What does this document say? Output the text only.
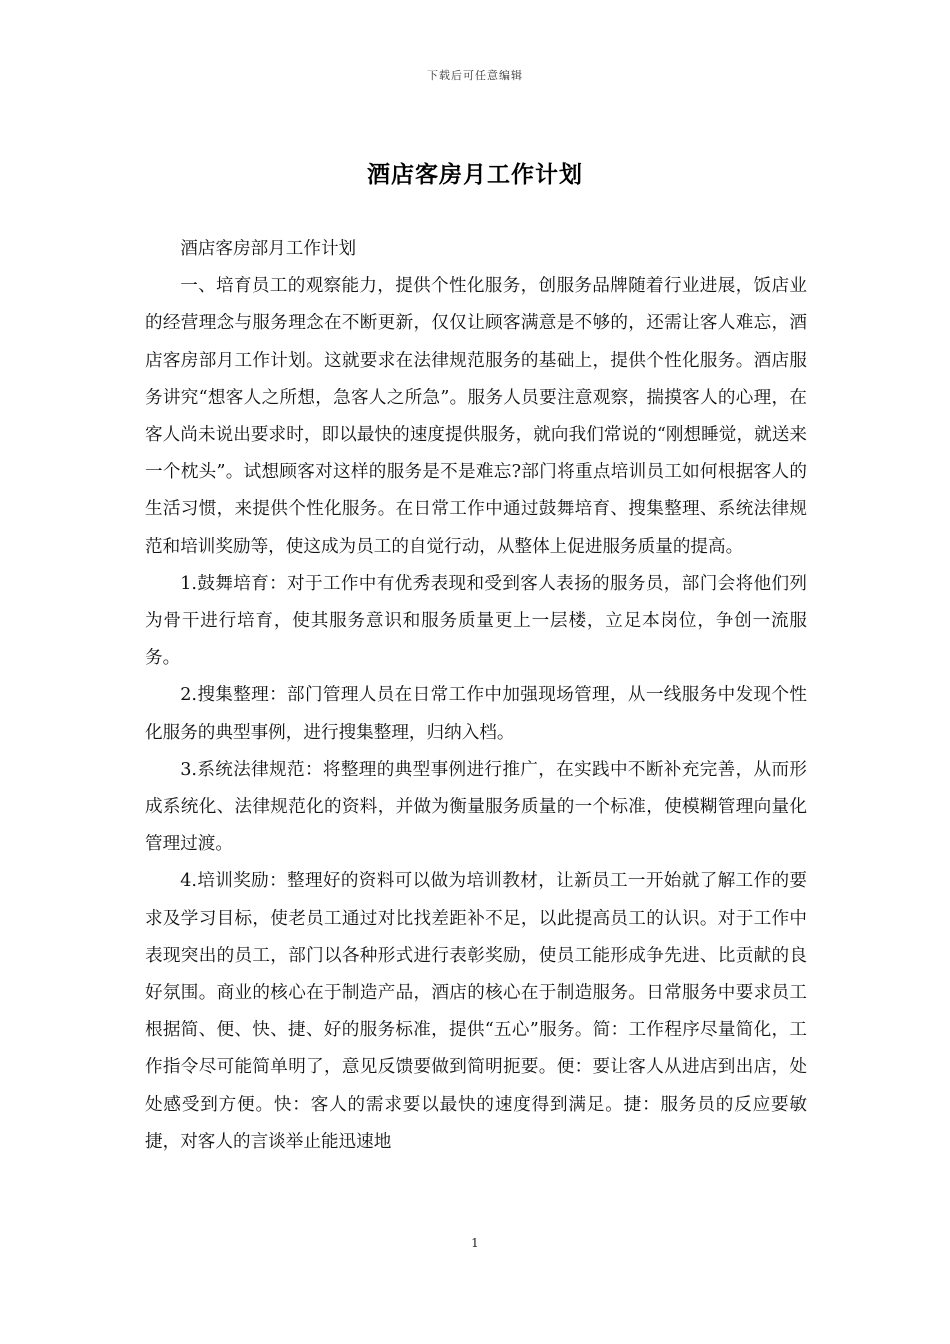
下载后可任意编辑
酒店客房月工作计划

酒店客房部月工作计划

一、培育员工的观察能力，提供个性化服务，创服务品牌随着行业进展，饭店业的经营理念与服务理念在不断更新，仅仅让顾客满意是不够的，还需让客人难忘，酒店客房部月工作计划。这就要求在法律规范服务的基础上，提供个性化服务。酒店服务讲究“想客人之所想，急客人之所急”。服务人员要注意观察，揣摸客人的心理，在客人尚未说出要求时，即以最快的速度提供服务，就向我们常说的“刚想睡觉，就送来一个枕头”。试想顾客对这样的服务是不是难忘?部门将重点培训员工如何根据客人的生活习惯，来提供个性化服务。在日常工作中通过鼓舞培育、搜集整理、系统法律规范和培训奖励等，使这成为员工的自觉行动，从整体上促进服务质量的提高。

1.鼓舞培育：对于工作中有优秀表现和受到客人表扬的服务员，部门会将他们列为骨干进行培育，使其服务意识和服务质量更上一层楼，立足本岗位，争创一流服务。

2.搜集整理：部门管理人员在日常工作中加强现场管理，从一线服务中发现个性化服务的典型事例，进行搜集整理，归纳入档。

3.系统法律规范：将整理的典型事例进行推广，在实践中不断补充完善，从而形成系统化、法律规范化的资料，并做为衡量服务质量的一个标准，使模糊管理向量化管理过渡。

4.培训奖励：整理好的资料可以做为培训教材，让新员工一开始就了解工作的要求及学习目标，使老员工通过对比找差距补不足，以此提高员工的认识。对于工作中表现突出的员工，部门以各种形式进行表彰奖励，使员工能形成争先进、比贡献的良好氛围。商业的核心在于制造产品，酒店的核心在于制造服务。日常服务中要求员工根据简、便、快、捷、好的服务标准，提供“五心”服务。简：工作程序尽量简化，工作指令尽可能简单明了，意见反馈要做到简明扼要。便：要让客人从进店到出店，处处感受到方便。快：客人的需求要以最快的速度得到满足。捷：服务员的反应要敏捷，对客人的言谈举止能迅速地

1
